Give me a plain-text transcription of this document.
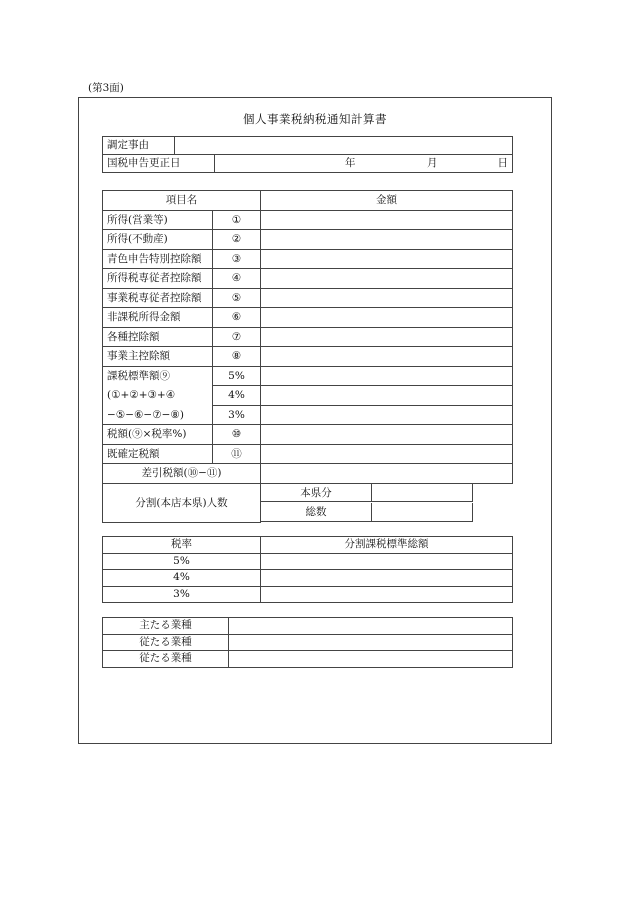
(第3面)
個人事業税納税通知計算書
調定事由		
国税申告更正日		年 月 日
項目名		金額
所得(営業等)	①	
所得(不動産)	②	
青色申告特別控除額	③	
所得税専従者控除額	④	
事業税専従者控除額	⑤	
非課税所得金額	⑥	
各種控除額	⑦	
事業主控除額	⑧	
課税標準額⑨	5%	
(①+②+③+④	4%	
−⑤−⑥−⑦−⑧)	3%	
税額(⑨×税率%)	⑩	
既確定税額	⑪	
差引税額(⑩−⑪)		
分割(本店本県)人数		本県分

		総数
税率	分割課税標準総額
5%	
4%	
3%	
主たる業種	
従たる業種	
従たる業種	
